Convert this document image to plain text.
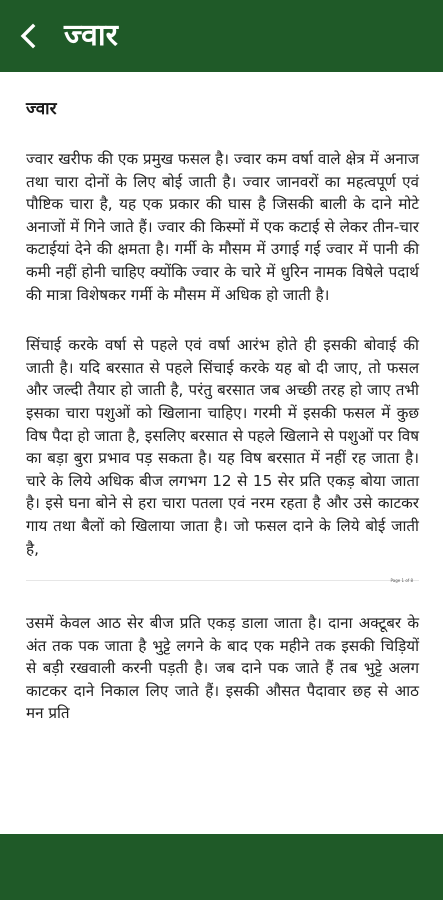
ज्वार
ज्वार

ज्वार खरीफ की एक प्रमुख फसल है। ज्वार कम वर्षा वाले क्षेत्र में अनाज तथा चारा दोनों के लिए बोई जाती है। ज्वार जानवरों का महत्वपूर्ण एवं पौष्टिक चारा है, यह एक प्रकार की घास है जिसकी बाली के दाने मोटे अनाजों में गिने जाते हैं। ज्वार की किस्मों में एक कटाई से लेकर तीन-चार कटाईयां देने की क्षमता है। गर्मी के मौसम में उगाई गई ज्वार में पानी की कमी नहीं होनी चाहिए क्योंकि ज्वार के चारे में धुरिन नामक विषेले पदार्थ की मात्रा विशेषकर गर्मी के मौसम में अधिक हो जाती है।

सिंचाई करके वर्षा से पहले एवं वर्षा आरंभ होते ही इसकी बोवाई की जाती है। यदि बरसात से पहले सिंचाई करके यह बो दी जाए, तो फसल और जल्दी तैयार हो जाती है, परंतु बरसात जब अच्छी तरह हो जाए तभी इसका चारा पशुओं को खिलाना चाहिए। गरमी में इसकी फसल में कुछ विष पैदा हो जाता है, इसलिए बरसात से पहले खिलाने से पशुओं पर विष का बड़ा बुरा प्रभाव पड़ सकता है। यह विष बरसात में नहीं रह जाता है। चारे के लिये अधिक बीज लगभग 12 से 15 सेर प्रति एकड़ बोया जाता है। इसे घना बोने से हरा चारा पतला एवं नरम रहता है और उसे काटकर गाय तथा बैलों को खिलाया जाता है। जो फसल दाने के लिये बोई जाती है,

Page 1 of 8

उसमें केवल आठ सेर बीज प्रति एकड़ डाला जाता है। दाना अक्टूबर के अंत तक पक जाता है भुट्टे लगने के बाद एक महीने तक इसकी चिड़ियों से बड़ी रखवाली करनी पड़ती है। जब दाने पक जाते हैं तब भुट्टे अलग काटकर दाने निकाल लिए जाते हैं। इसकी औसत पैदावार छह से आठ मन प्रति
